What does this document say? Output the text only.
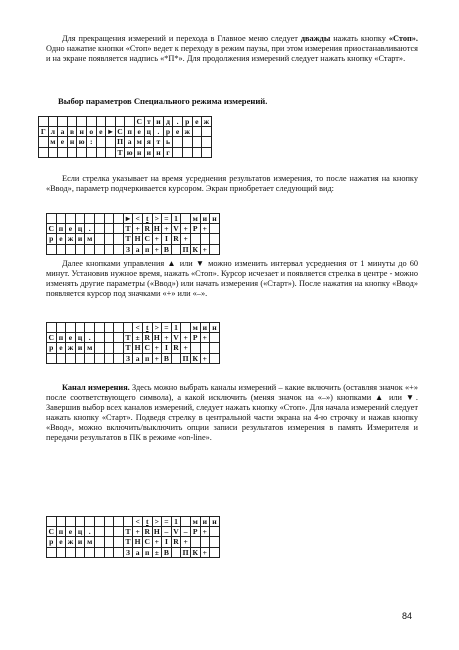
Для прекращения измерений и перехода в Главное меню следует дважды нажать кнопку «Стоп». Одно нажатие кнопки «Стоп» ведет к переходу в режим паузы, при этом измерения приостанавливаются и на экране появляется надпись «*П*». Для продолжения измерений следует нажать кнопку «Старт».

Выбор параметров Специального режима измерений.

										С	т	и	д	.	р	е	ж
Г	л	а	в	н	о	е	►	С	п	е	ц	.	р	е	ж		
	м	е	н	ю	:			П	а	м	я	т	ь				
								Т	ю	н	и	н	г				

Если стрелка указывает на время усреднения результатов измерения, то после нажатия на кнопку «Ввод», параметр подчеркивается курсором. Экран приобретает следующий вид:

								►	<	t	>	=	1		м	и	н
С	п	е	ц	.				Т	+	R	Н	+	V	+	Р	+	
р	е	ж	и	м				Т	Н	С	+	I	R	+			
								З	а	п	+	В		П	К	+	

Далее кнопками управления ▲ или ▼ можно изменить интервал усреднения от 1 минуты до 60 минут. Установив нужное время, нажать «Стоп». Курсор исчезает и появляется стрелка в центре - можно изменять другие параметры («Ввод») или начать измерения («Старт»). После нажатия на кнопку «Ввод» появляется курсор под значками «+» или «–».

									<	t	>	=	1		м	и	н
С	п	е	ц	.				Т	±	R	Н	+	V	+	Р	+	
р	е	ж	и	м				Т	Н	С	+	I	R	+			
								З	а	п	+	В		П	К	+	

Канал измерения. Здесь можно выбрать каналы измерений – какие включить (оставляя значок «+» после соответствующего символа), а какой исключить (меняя значок на «–») кнопками ▲ или ▼. Завершив выбор всех каналов измерений, следует нажать кнопку «Стоп». Для начала измерений следует нажать кнопку «Старт». Подведя стрелку в центральной части экрана на 4-ю строчку и нажав кнопку «Ввод», можно включить/выключить опции записи результатов измерения в память Измерителя и передачи результатов в ПК в режиме «on-line».

									<	t	>	=	1		м	и	н
С	п	е	ц	.				Т	+	R	Н	–	V	–	Р	+	
р	е	ж	и	м				Т	Н	С	+	I	R	+			
								З	а	п	±	В		П	К	+	
84
